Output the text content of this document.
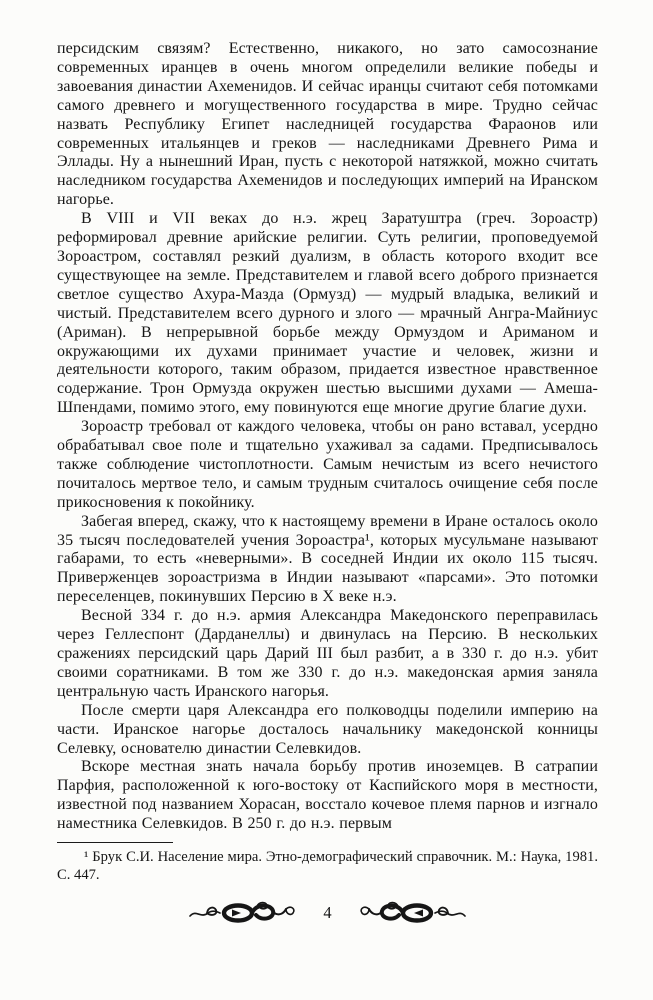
персидским связям? Естественно, никакого, но зато самосознание современных иранцев в очень многом определили великие победы и завоевания династии Ахеменидов. И сейчас иранцы считают себя потомками самого древнего и могущественного государства в мире. Трудно сейчас назвать Республику Египет наследницей государства Фараонов или современных итальянцев и греков — наследниками Древнего Рима и Эллады. Ну а нынешний Иран, пусть с некоторой натяжкой, можно считать наследником государства Ахеменидов и последующих империй на Иранском нагорье.

В VIII и VII веках до н.э. жрец Заратуштра (греч. Зороастр) реформировал древние арийские религии. Суть религии, проповедуемой Зороастром, составлял резкий дуализм, в область которого входит все существующее на земле. Представителем и главой всего доброго признается светлое существо Ахура-Мазда (Ормузд) — мудрый владыка, великий и чистый. Представителем всего дурного и злого — мрачный Ангра-Майниус (Ариман). В непрерывной борьбе между Ормуздом и Ариманом и окружающими их духами принимает участие и человек, жизни и деятельности которого, таким образом, придается известное нравственное содержание. Трон Ормузда окружен шестью высшими духами — Амеша-Шпендами, помимо этого, ему повинуются еще многие другие благие духи.

Зороастр требовал от каждого человека, чтобы он рано вставал, усердно обрабатывал свое поле и тщательно ухаживал за садами. Предписывалось также соблюдение чистоплотности. Самым нечистым из всего нечистого почиталось мертвое тело, и самым трудным считалось очищение себя после прикосновения к покойнику.

Забегая вперед, скажу, что к настоящему времени в Иране осталось около 35 тысяч последователей учения Зороастра¹, которых мусульмане называют габарами, то есть «неверными». В соседней Индии их около 115 тысяч. Приверженцев зороастризма в Индии называют «парсами». Это потомки переселенцев, покинувших Персию в X веке н.э.

Весной 334 г. до н.э. армия Александра Македонского переправилась через Геллеспонт (Дарданеллы) и двинулась на Персию. В нескольких сражениях персидский царь Дарий III был разбит, а в 330 г. до н.э. убит своими соратниками. В том же 330 г. до н.э. македонская армия заняла центральную часть Иранского нагорья.

После смерти царя Александра его полководцы поделили империю на части. Иранское нагорье досталось начальнику македонской конницы Селевку, основателю династии Селевкидов.

Вскоре местная знать начала борьбу против иноземцев. В сатрапии Парфия, расположенной к юго-востоку от Каспийского моря в местности, известной под названием Хорасан, восстало кочевое племя парнов и изгнало наместника Селевкидов. В 250 г. до н.э. первым

¹ Брук С.И. Население мира. Этно-демографический справочник. М.: Наука, 1981. С. 447.

4
